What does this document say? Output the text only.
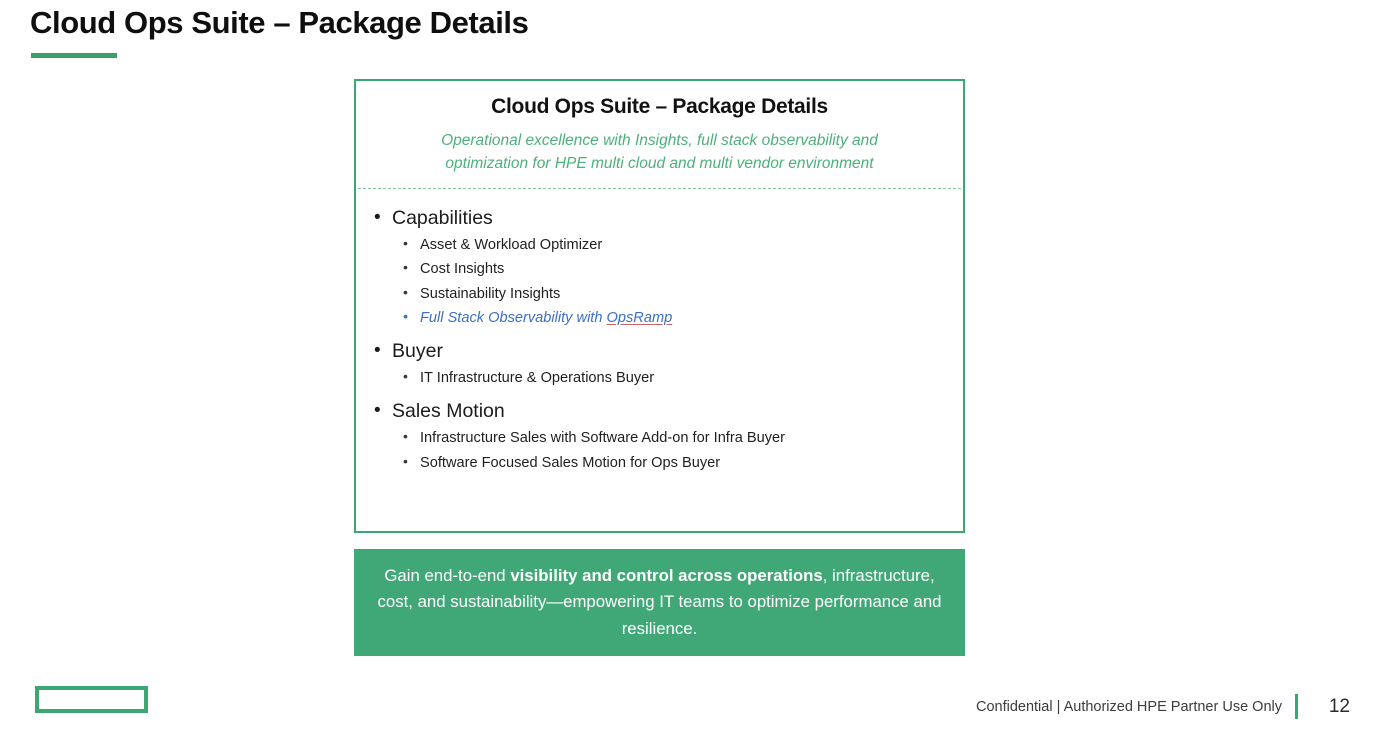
Cloud Ops Suite – Package Details
Cloud Ops Suite – Package Details
Operational excellence with Insights, full stack observability and optimization for HPE multi cloud and multi vendor environment
• Capabilities
• Asset & Workload Optimizer
• Cost Insights
• Sustainability Insights
• Full Stack Observability with OpsRamp
• Buyer
• IT Infrastructure & Operations Buyer
• Sales Motion
• Infrastructure Sales with Software Add-on for Infra Buyer
• Software Focused Sales Motion for Ops Buyer

Gain end-to-end visibility and control across operations, infrastructure, cost, and sustainability—empowering IT teams to optimize performance and resilience.

Confidential | Authorized HPE Partner Use Only 12
